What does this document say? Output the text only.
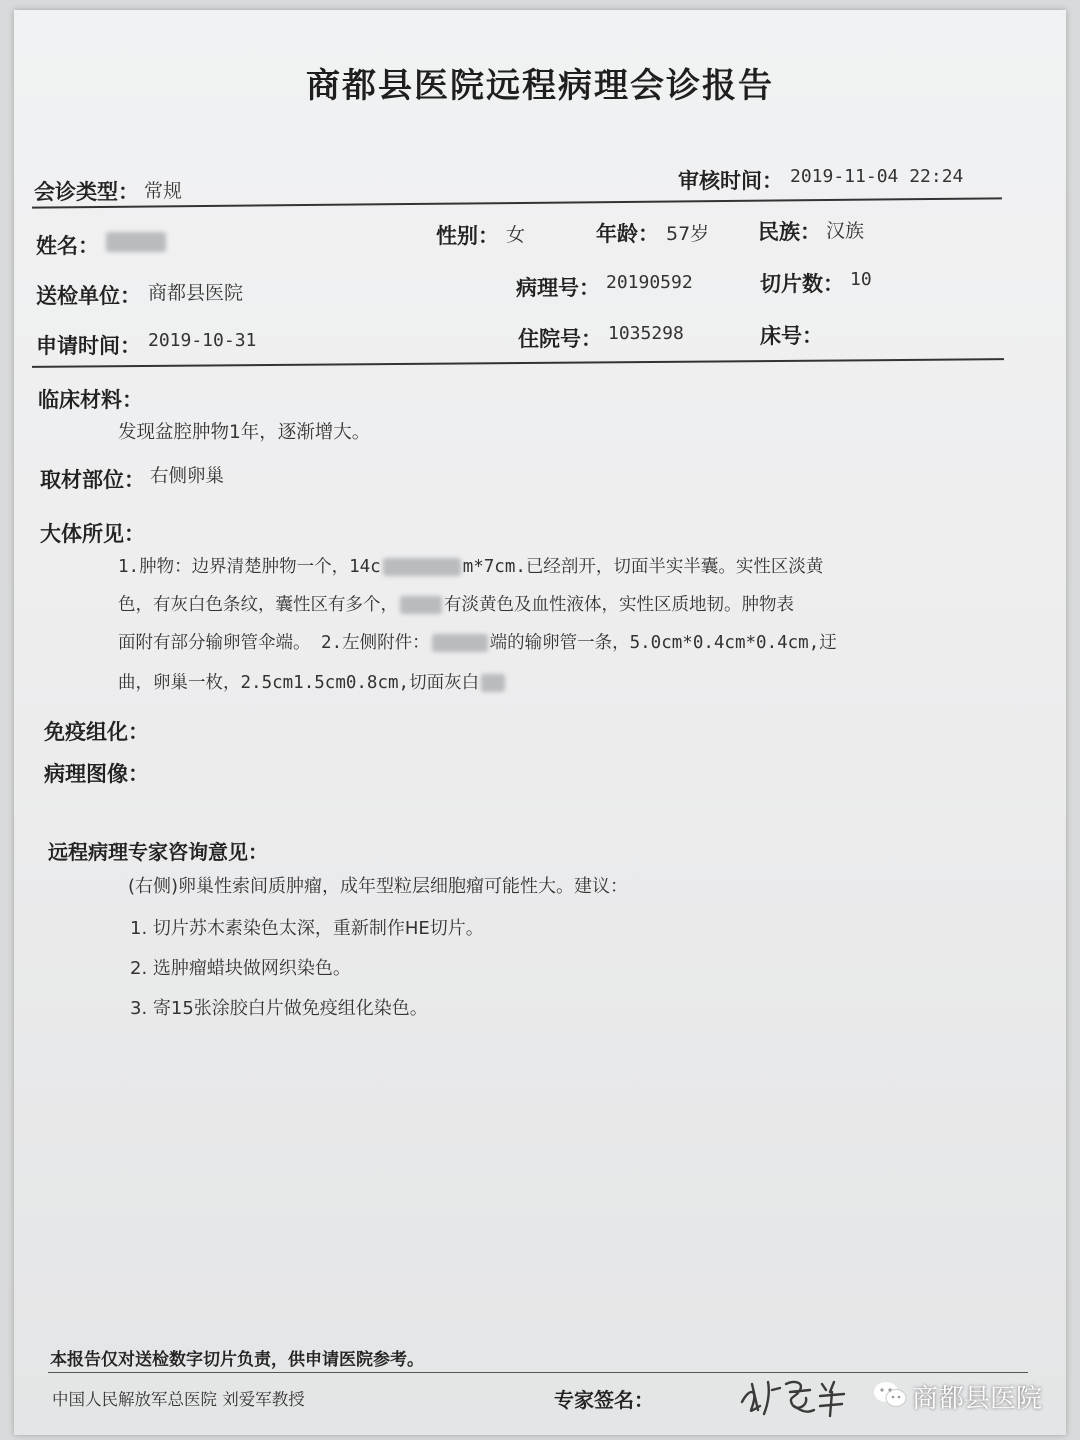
商都县医院远程病理会诊报告
会诊类型： 常规	审核时间： 2019-11-04 22:24
姓名：	性别： 女	年龄： 57岁 民族： 汉族
送检单位： 商都县医院	病理号： 20190592	切片数： 10
申请时间： 2019-10-31	住院号： 1035298	床号：
临床材料：
发现盆腔肿物1年，逐渐增大。
取材部位： 右侧卵巢
大体所见：
1.肿物：边界清楚肿物一个，14c	m*7cm.已经剖开，切面半实半囊。实性区淡黄
色，有灰白色条纹，囊性区有多个，	有淡黄色及血性液体，实性区质地韧。肿物表
面附有部分输卵管伞端。 2.左侧附件：	端的输卵管一条，5.0cm*0.4cm*0.4cm,迂
曲，卵巢一枚，2.5cm1.5cm0.8cm,切面灰白
免疫组化：
病理图像：
远程病理专家咨询意见：
(右侧)卵巢性索间质肿瘤，成年型粒层细胞瘤可能性大。建议：
1. 切片苏木素染色太深，重新制作HE切片。
2. 选肿瘤蜡块做网织染色。
3. 寄15张涂胶白片做免疫组化染色。
本报告仅对送检数字切片负责，供申请医院参考。
中国人民解放军总医院 刘爱军教授	专家签名：	商都县医院
